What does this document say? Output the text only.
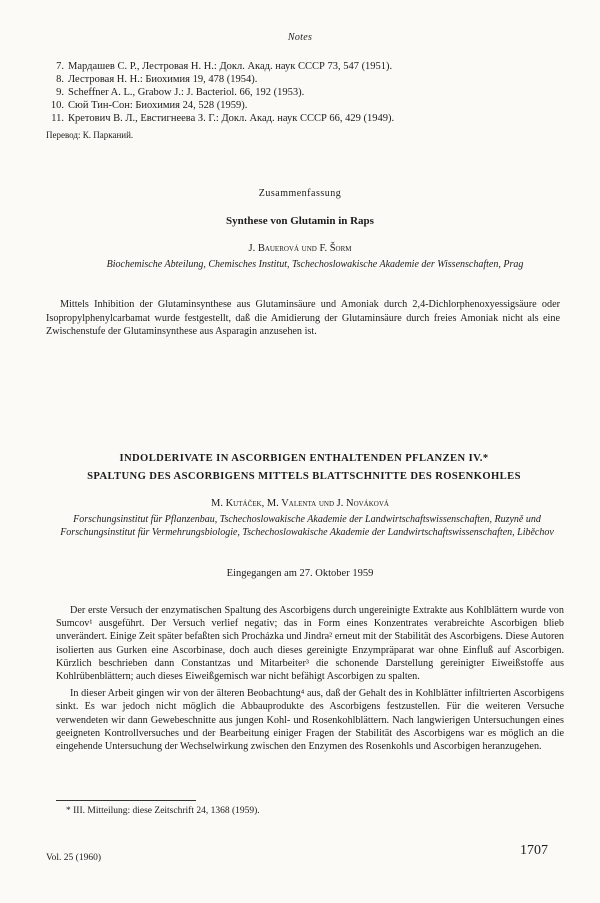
Notes
7. Мардашев С. Р., Лестровая Н. Н.: Докл. Акад. наук СССР 73, 547 (1951).
8. Лестровая Н. Н.: Биохимия 19, 478 (1954).
9. Scheffner A. L., Grabow J.: J. Bacteriol. 66, 192 (1953).
10. Сюй Тин-Сон: Биохимия 24, 528 (1959).
11. Кретович В. Л., Евстигнеева З. Г.: Докл. Акад. наук СССР 66, 429 (1949).
Перевод: К. Парканий.
Zusammenfassung
Synthese von Glutamin in Raps
J. Bauerová und F. Šorm
Biochemische Abteilung, Chemisches Institut, Tschechoslowakische Akademie der Wissenschaften, Prag
Mittels Inhibition der Glutaminsynthese aus Glutaminsäure und Amoniak durch 2,4-Dichlorphenoxyessigsäure oder Isopropylphenylcarbamat wurde festgestellt, daß die Amidierung der Glutaminsäure durch freies Amoniak nicht als eine Zwischenstufe der Glutaminsynthese aus Asparagin anzusehen ist.
INDOLDERIVATE IN ASCORBIGEN ENTHALTENDEN PFLANZEN IV.*
SPALTUNG DES ASCORBIGENS MITTELS BLATTSCHNITTE DES ROSENKOHLES
M. Kutáček, M. Valenta und J. Nováková
Forschungsinstitut für Pflanzenbau, Tschechoslowakische Akademie der Landwirtschaftswissenschaften, Ruzyně und Forschungsinstitut für Vermehrungsbiologie, Tschechoslowakische Akademie der Landwirtschaftswissenschaften, Liběchov
Eingegangen am 27. Oktober 1959

Der erste Versuch der enzymatischen Spaltung des Ascorbigens durch ungereinigte Extrakte aus Kohlblättern wurde von Sumcov¹ ausgeführt. Der Versuch verlief negativ; das in Form eines Konzentrates verabreichte Ascorbigen blieb unverändert. Einige Zeit später befaßten sich Procházka und Jindra² erneut mit der Stabilität des Ascorbigens. Diese Autoren isolierten aus Gurken eine Ascorbinase, doch auch dieses gereinigte Enzympräparat war ohne Einfluß auf Ascorbigen. Kürzlich beschrieben dann Constantzas und Mitarbeiter³ die schonende Darstellung gereinigter Eiweißstoffe aus Kohlrübenblättern; auch dieses Eiweißgemisch war nicht befähigt Ascorbigen zu spalten.

In dieser Arbeit gingen wir von der älteren Beobachtung⁴ aus, daß der Gehalt des in Kohlblätter infiltrierten Ascorbigens sinkt. Es war jedoch nicht möglich die Abbauprodukte des Ascorbigens festzustellen. Für die weiteren Versuche verwendeten wir dann Gewebeschnitte aus jungen Kohl- und Rosenkohlblättern. Nach langwierigen Untersuchungen eines geeigneten Kontrollversuches und der Bearbeitung einiger Fragen der Stabilität des Ascorbigens war es möglich an die eingehende Untersuchung der Wechselwirkung zwischen den Enzymen des Rosenkohls und Ascorbigen heranzugehen.

* III. Mitteilung: diese Zeitschrift 24, 1368 (1959).
Vol. 25 (1960)	1707
